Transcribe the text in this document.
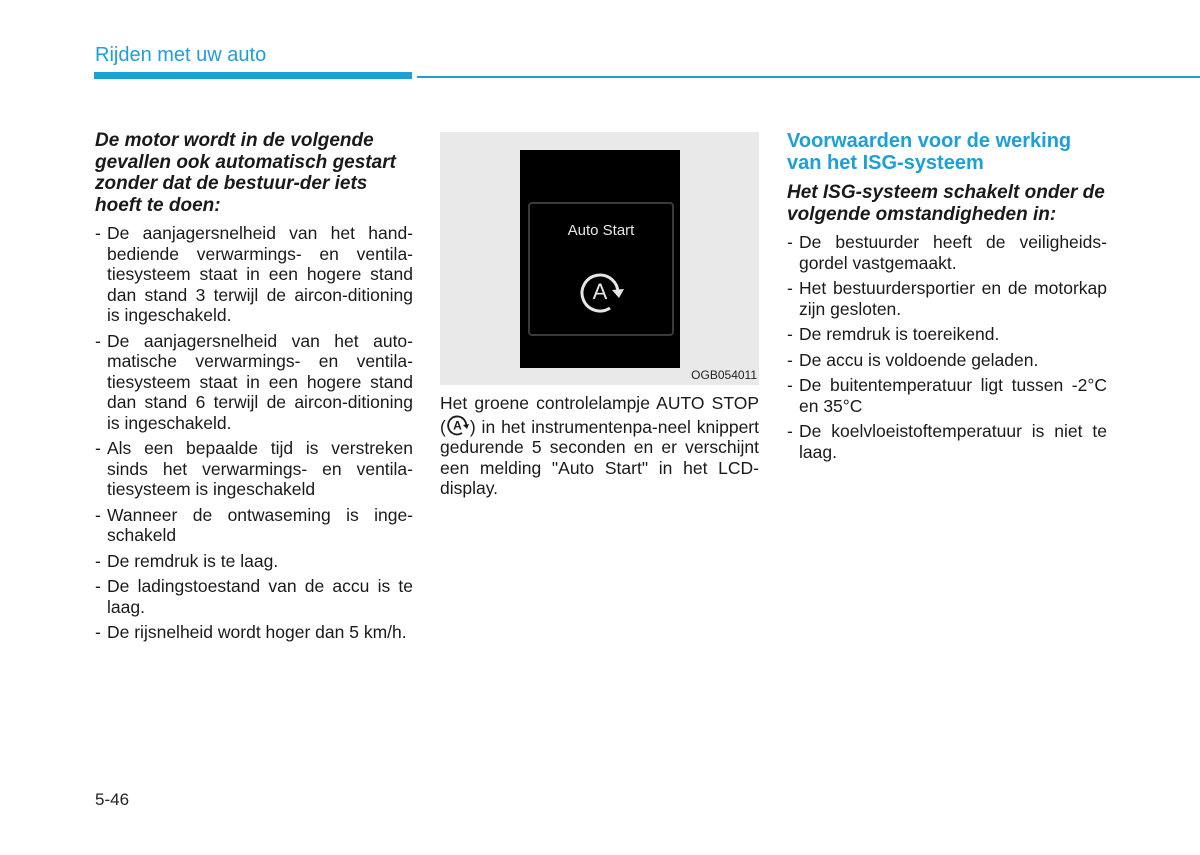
Rijden met uw auto

De motor wordt in de volgende gevallen ook automatisch gestart zonder dat de bestuur-der iets hoeft te doen:

- De aanjagersnelheid van het hand-bediende verwarmings- en ventila-tiesysteem staat in een hogere stand dan stand 3 terwijl de aircon-ditioning is ingeschakeld.
- De aanjagersnelheid van het auto-matische verwarmings- en ventila-tiesysteem staat in een hogere stand dan stand 6 terwijl de aircon-ditioning is ingeschakeld.
- Als een bepaalde tijd is verstreken sinds het verwarmings- en ventila-tiesysteem is ingeschakeld
- Wanneer de ontwaseming is inge-schakeld
- De remdruk is te laag.
- De ladingstoestand van de accu is te laag.
- De rijsnelheid wordt hoger dan 5 km/h.
Auto Start
A
OGB054011
Het groene controlelampje AUTO STOP ( A ) in het instrumentenpa-neel knippert gedurende 5 seconden en er verschijnt een melding "Auto Start" in het LCD-display.
Voorwaarden voor de werking van het ISG-systeem

Het ISG-systeem schakelt onder de volgende omstandigheden in:

- De bestuurder heeft de veiligheids-gordel vastgemaakt.
- Het bestuurdersportier en de motorkap zijn gesloten.
- De remdruk is toereikend.
- De accu is voldoende geladen.
- De buitentemperatuur ligt tussen -2°C en 35°C
- De koelvloeistoftemperatuur is niet te laag.
5-46
